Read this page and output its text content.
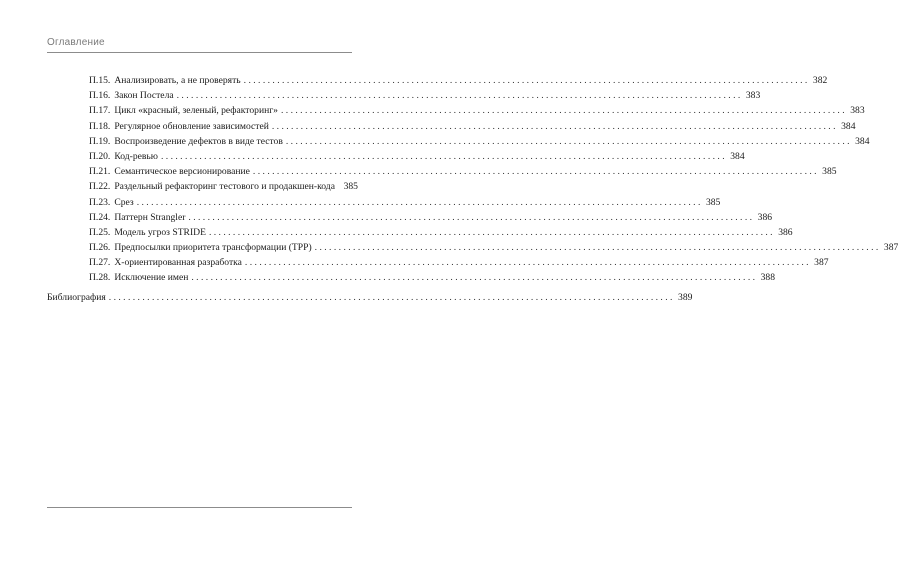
Оглавление
П.15. Анализировать, а не проверять . . .	382
П.16. Закон Постела . . .	383
П.17. Цикл «красный, зеленый, рефакторинг» . . .	383
П.18. Регулярное обновление зависимостей . . .	384
П.19. Воспроизведение дефектов в виде тестов . . .	384
П.20. Код-ревью . . .	384
П.21. Семантическое версионирование . . .	385
П.22. Раздельный рефакторинг тестового и продакшен-кода 385
П.23. Срез . . .	385
П.24. Паттерн Strangler . . .	386
П.25. Модель угроз STRIDE . . .	386
П.26. Предпосылки приоритета трансформации (TPP) . . .	387
П.27. X-ориентированная разработка . . .	387
П.28. Исключение имен . . .	388
Библиография . . .	389
